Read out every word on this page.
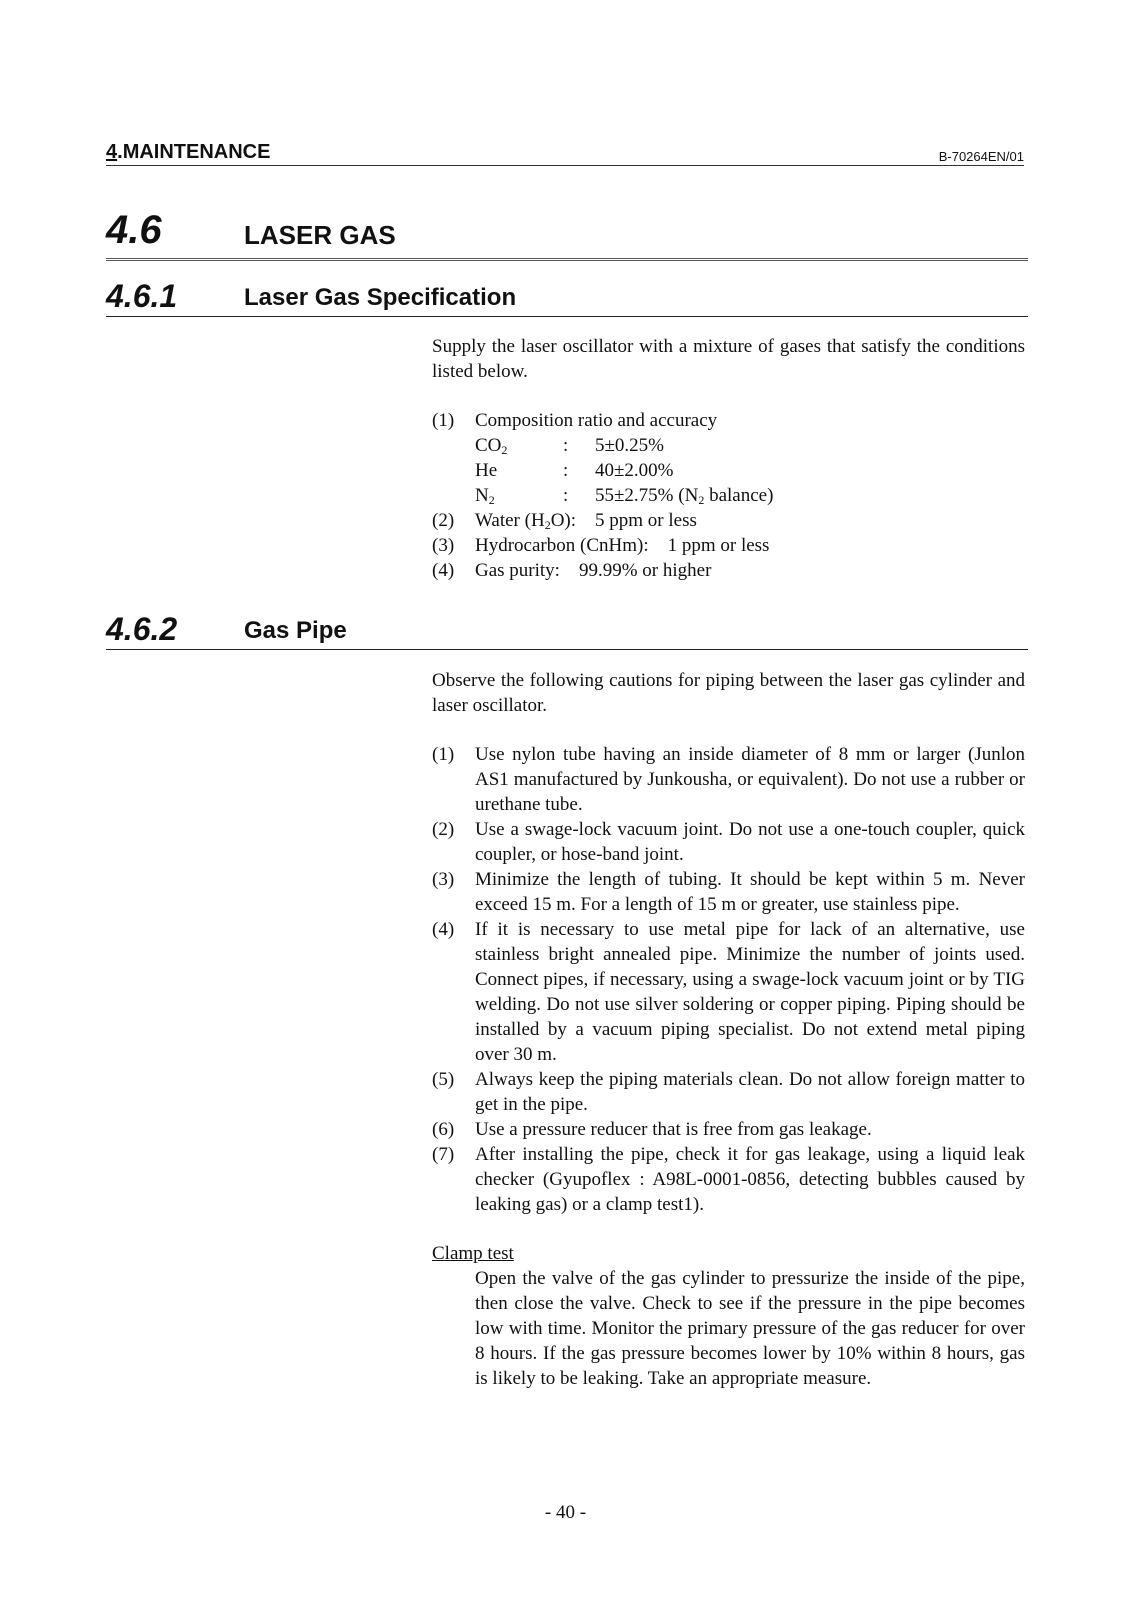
4.MAINTENANCE	B-70264EN/01
4.6	LASER GAS
4.6.1	Laser Gas Specification
Supply the laser oscillator with a mixture of gases that satisfy the conditions listed below.
(1)	Composition ratio and accuracy
$CO_2$	:	5±0.25%
He	:	40±2.00%
$N_2$	:	55±2.75% ($N_2$ balance)
(2)	Water $(H_2O)$:    5 ppm or less
(3)	Hydrocarbon (CnHm):    1 ppm or less
(4)	Gas purity:    99.99% or higher
4.6.2	Gas Pipe
Observe the following cautions for piping between the laser gas cylinder and laser oscillator.
(1)	Use nylon tube having an inside diameter of 8 mm or larger (Junlon AS1 manufactured by Junkousha, or equivalent). Do not use a rubber or urethane tube.
(2)	Use a swage-lock vacuum joint. Do not use a one-touch coupler, quick coupler, or hose-band joint.
(3)	Minimize the length of tubing. It should be kept within 5 m. Never exceed 15 m. For a length of 15 m or greater, use stainless pipe.
(4)	If it is necessary to use metal pipe for lack of an alternative, use stainless bright annealed pipe. Minimize the number of joints used. Connect pipes, if necessary, using a swage-lock vacuum joint or by TIG welding. Do not use silver soldering or copper piping. Piping should be installed by a vacuum piping specialist. Do not extend metal piping over 30 m.
(5)	Always keep the piping materials clean. Do not allow foreign matter to get in the pipe.
(6)	Use a pressure reducer that is free from gas leakage.
(7)	After installing the pipe, check it for gas leakage, using a liquid leak checker (Gyupoflex : A98L-0001-0856, detecting bubbles caused by leaking gas) or a clamp test1).
Clamp test
Open the valve of the gas cylinder to pressurize the inside of the pipe, then close the valve. Check to see if the pressure in the pipe becomes low with time. Monitor the primary pressure of the gas reducer for over 8 hours. If the gas pressure becomes lower by 10% within 8 hours, gas is likely to be leaking. Take an appropriate measure.
- 40 -
